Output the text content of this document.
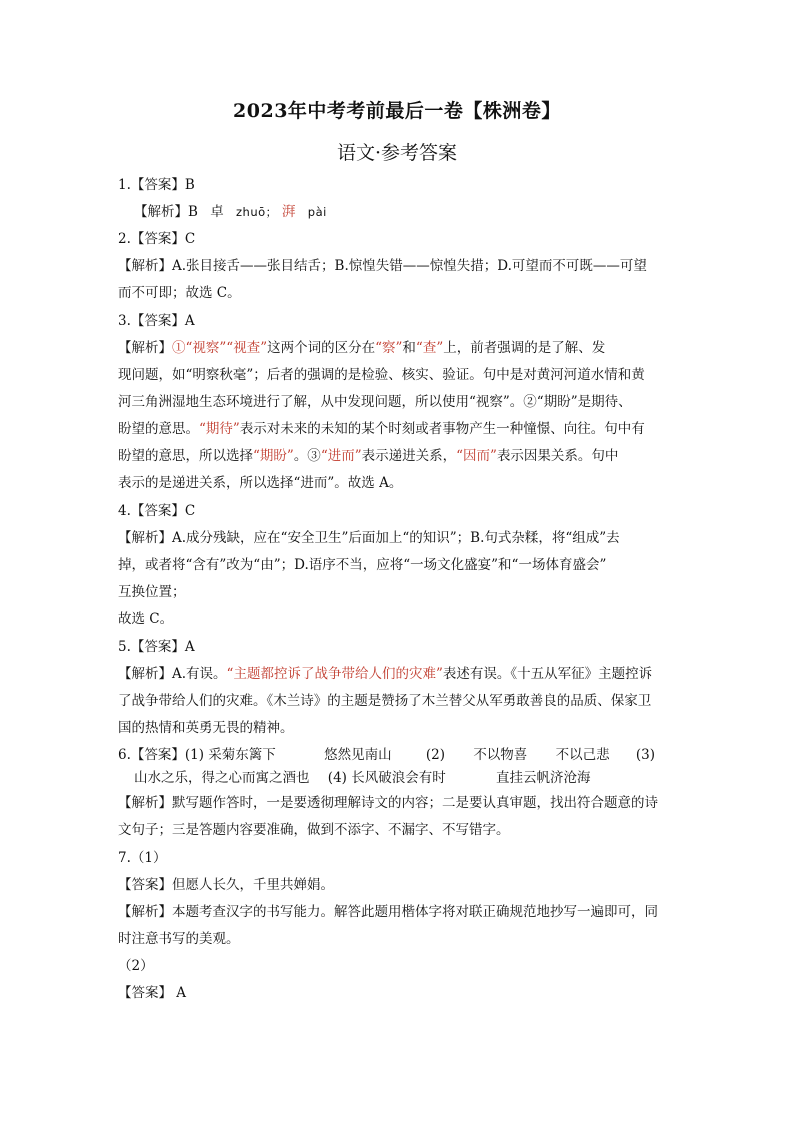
2023年中考考前最后一卷【株洲卷】
语文·参考答案
1.【答案】B
【解析】B 卓 zhuō； 湃 pài
2.【答案】C
【解析】A.张目接舌——张目结舌；B.惊惶失错——惊惶失措；D.可望而不可既——可望
而不可即；故选 C。
3.【答案】A
【解析】①“视察”“视查”这两个词的区分在“察”和“查”上，前者强调的是了解、发
现问题，如“明察秋毫”；后者的强调的是检验、核实、验证。句中是对黄河河道水情和黄
河三角洲湿地生态环境进行了解，从中发现问题，所以使用“视察”。②“期盼”是期待、
盼望的意思。“期待”表示对未来的未知的某个时刻或者事物产生一种憧憬、向往。句中有
盼望的意思，所以选择“期盼”。③“进而”表示递进关系，“因而”表示因果关系。句中
表示的是递进关系，所以选择“进而”。故选 A。
4.【答案】C
【解析】A.成分残缺，应在“安全卫生”后面加上“的知识”；B.句式杂糅，将“组成”去
掉，或者将“含有”改为“由”；D.语序不当，应将“一场文化盛宴”和“一场体育盛会”
互换位置；
故选 C。
5.【答案】A
【解析】A.有误。“主题都控诉了战争带给人们的灾难”表述有误。《十五从军征》主题控诉
了战争带给人们的灾难。《木兰诗》的主题是赞扬了木兰替父从军勇敢善良的品质、保家卫
国的热情和英勇无畏的精神。
6.【答案】(1) 采菊东篱下	悠然见南山	(2) 不以物喜 不以己悲 (3)
山水之乐，得之心而寓之酒也 (4) 长风破浪会有时	直挂云帆济沧海
【解析】默写题作答时，一是要透彻理解诗文的内容；二是要认真审题，找出符合题意的诗
文句子；三是答题内容要准确，做到不添字、不漏字、不写错字。
7.（1）
【答案】但愿人长久，千里共婵娟。
【解析】本题考查汉字的书写能力。解答此题用楷体字将对联正确规范地抄写一遍即可，同
时注意书写的美观。
（2）
【答案】 A
